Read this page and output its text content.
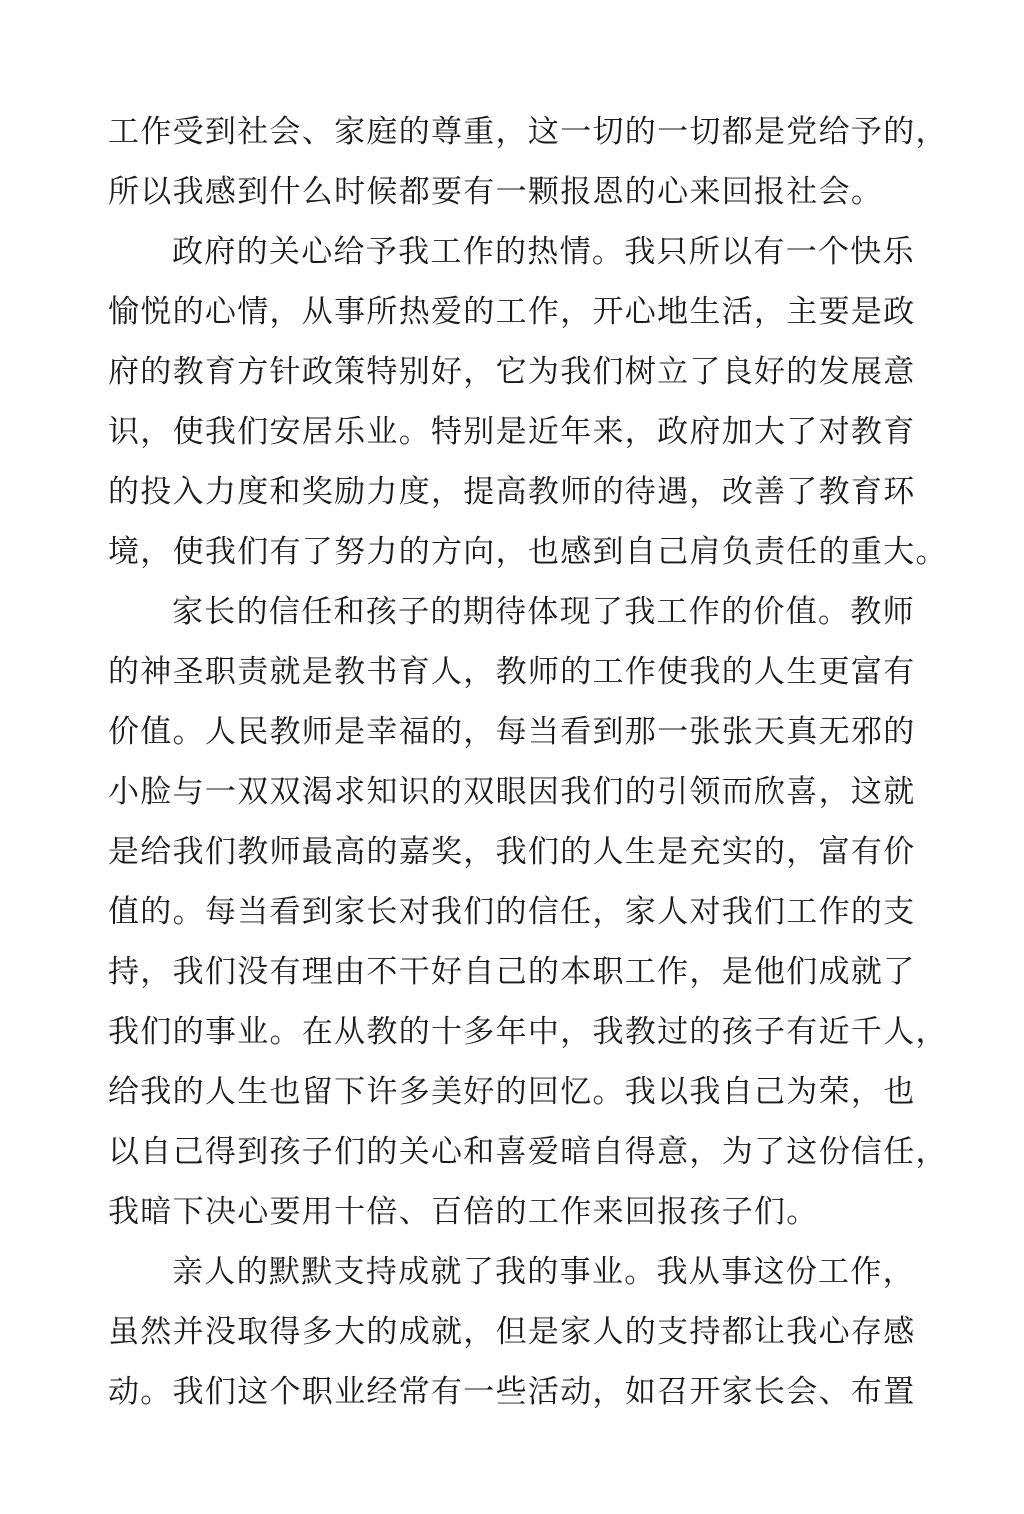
工作受到社会、家庭的尊重，这一切的一切都是党给予的，
所以我感到什么时候都要有一颗报恩的心来回报社会。
政府的关心给予我工作的热情。我只所以有一个快乐
愉悦的心情，从事所热爱的工作，开心地生活，主要是政
府的教育方针政策特别好，它为我们树立了良好的发展意
识，使我们安居乐业。特别是近年来，政府加大了对教育
的投入力度和奖励力度，提高教师的待遇，改善了教育环
境，使我们有了努力的方向，也感到自己肩负责任的重大。
家长的信任和孩子的期待体现了我工作的价值。教师
的神圣职责就是教书育人，教师的工作使我的人生更富有
价值。人民教师是幸福的，每当看到那一张张天真无邪的
小脸与一双双渴求知识的双眼因我们的引领而欣喜，这就
是给我们教师最高的嘉奖，我们的人生是充实的，富有价
值的。每当看到家长对我们的信任，家人对我们工作的支
持，我们没有理由不干好自己的本职工作，是他们成就了
我们的事业。在从教的十多年中，我教过的孩子有近千人，
给我的人生也留下许多美好的回忆。我以我自己为荣，也
以自己得到孩子们的关心和喜爱暗自得意，为了这份信任，
我暗下决心要用十倍、百倍的工作来回报孩子们。
亲人的默默支持成就了我的事业。我从事这份工作，
虽然并没取得多大的成就，但是家人的支持都让我心存感
动。我们这个职业经常有一些活动，如召开家长会、布置
